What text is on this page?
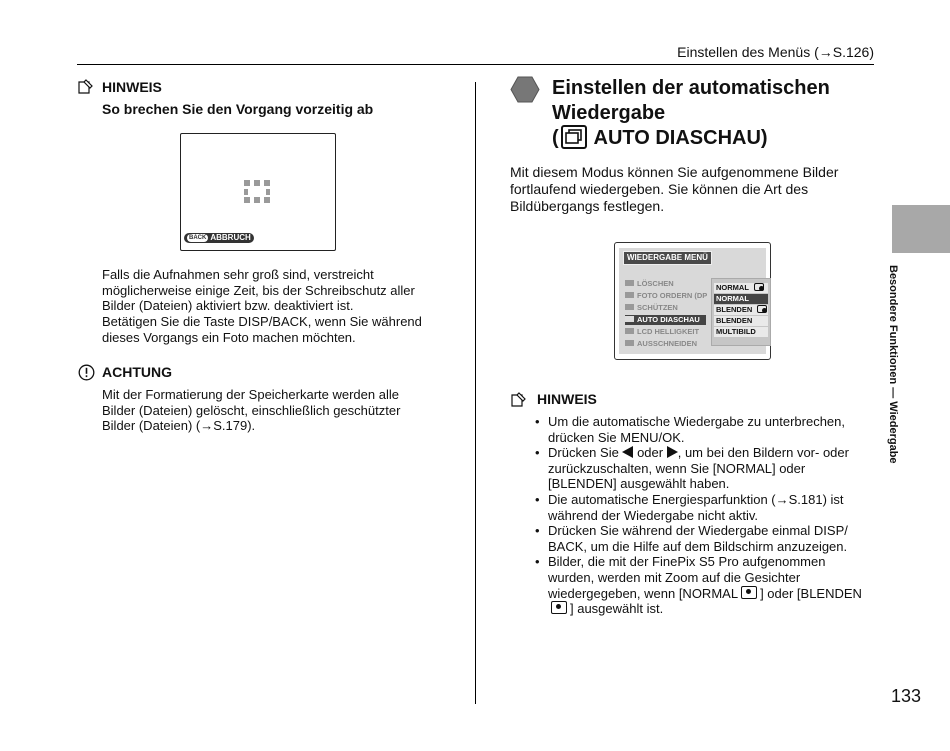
Einstellen des Menüs (→S.126)
Besondere Funktionen — Wiedergabe
133
HINWEIS
So brechen Sie den Vorgang vorzeitig ab
BACK ABBRUCH
Falls die Aufnahmen sehr groß sind, verstreicht
möglicherweise einige Zeit, bis der Schreibschutz aller
Bilder (Dateien) aktiviert bzw. deaktiviert ist.
Betätigen Sie die Taste DISP/BACK, wenn Sie während
dieses Vorgangs ein Foto machen möchten.
ACHTUNG
Mit der Formatierung der Speicherkarte werden alle
Bilder (Dateien) gelöscht, einschließlich geschützter
Bilder (Dateien) (→S.179).
Einstellen der automatischen
Wiedergabe
( AUTO DIASCHAU)
Mit diesem Modus können Sie aufgenommene Bilder
fortlaufend wiedergeben. Sie können die Art des
Bildübergangs festlegen.
WIEDERGABE MENÜ
LÖSCHEN
FOTO ORDERN (DP
SCHÜTZEN
AUTO DIASCHAU
LCD HELLIGKEIT
AUSSCHNEIDEN
NORMAL
NORMAL
BLENDEN
BLENDEN
MULTIBILD
HINWEIS
• Um die automatische Wiedergabe zu unterbrechen,
drücken Sie MENU/OK.
• Drücken Sie oder , um bei den Bildern vor- oder
zurückzuschalten, wenn Sie [NORMAL] oder
[BLENDEN] ausgewählt haben.
• Die automatische Energiesparfunktion (→S.181) ist
während der Wiedergabe nicht aktiv.
• Drücken Sie während der Wiedergabe einmal DISP/
BACK, um die Hilfe auf dem Bildschirm anzuzeigen.
• Bilder, die mit der FinePix S5 Pro aufgenommen
wurden, werden mit Zoom auf die Gesichter
wiedergegeben, wenn [NORMAL ] oder [BLENDEN
] ausgewählt ist.
